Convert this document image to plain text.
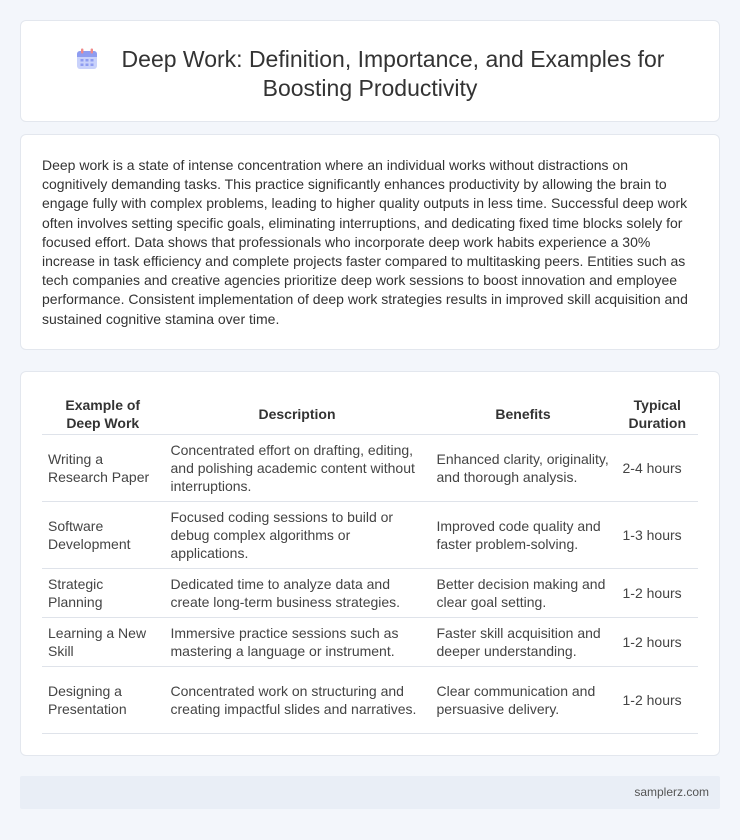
Deep Work: Definition, Importance, and Examples for Boosting Productivity

Deep work is a state of intense concentration where an individual works without distractions on cognitively demanding tasks. This practice significantly enhances productivity by allowing the brain to engage fully with complex problems, leading to higher quality outputs in less time. Successful deep work often involves setting specific goals, eliminating interruptions, and dedicating fixed time blocks solely for focused effort. Data shows that professionals who incorporate deep work habits experience a 30% increase in task efficiency and complete projects faster compared to multitasking peers. Entities such as tech companies and creative agencies prioritize deep work sessions to boost innovation and employee performance. Consistent implementation of deep work strategies results in improved skill acquisition and sustained cognitive stamina over time.

Example of Deep Work	Description	Benefits	Typical Duration
Writing a Research Paper	Concentrated effort on drafting, editing, and polishing academic content without interruptions.	Enhanced clarity, originality, and thorough analysis.	2-4 hours
Software Development	Focused coding sessions to build or debug complex algorithms or applications.	Improved code quality and faster problem-solving.	1-3 hours
Strategic Planning	Dedicated time to analyze data and create long-term business strategies.	Better decision making and clear goal setting.	1-2 hours
Learning a New Skill	Immersive practice sessions such as mastering a language or instrument.	Faster skill acquisition and deeper understanding.	1-2 hours
Designing a Presentation	Concentrated work on structuring and creating impactful slides and narratives.	Clear communication and persuasive delivery.	1-2 hours
samplerz.com
